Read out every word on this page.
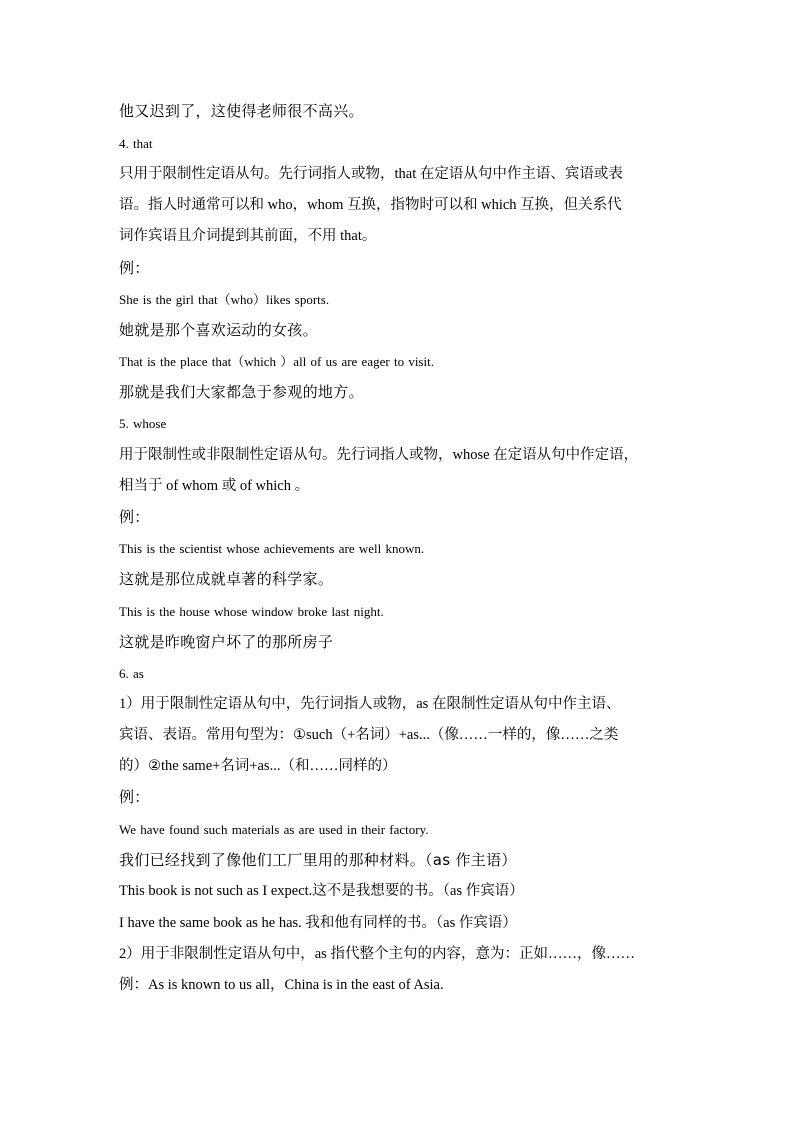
他又迟到了，这使得老师很不高兴。
4. that
只用于限制性定语从句。先行词指人或物，that 在定语从句中作主语、宾语或表
语。指人时通常可以和 who，whom 互换，指物时可以和 which 互换，但关系代
词作宾语且介词提到其前面，不用 that。
例：
She is the girl that（who）likes sports.
她就是那个喜欢运动的女孩。
That is the place that（which ）all of us are eager to visit.
那就是我们大家都急于参观的地方。
5. whose
用于限制性或非限制性定语从句。先行词指人或物，whose 在定语从句中作定语，
相当于 of whom 或 of which 。
例：
This is the scientist whose achievements are well known.
这就是那位成就卓著的科学家。
This is the house whose window broke last night.
这就是昨晚窗户坏了的那所房子
6. as
1）用于限制性定语从句中，先行词指人或物，as 在限制性定语从句中作主语、
宾语、表语。常用句型为：①such（+名词）+as...（像……一样的，像……之类
的）②the same+名词+as...（和……同样的）
例：
We have found such materials as are used in their factory.
我们已经找到了像他们工厂里用的那种材料。（as 作主语）
This book is not such as I expect.这不是我想要的书。（as 作宾语）
I have the same book as he has. 我和他有同样的书。（as 作宾语）
2）用于非限制性定语从句中，as 指代整个主句的内容，意为：正如……，像……
例：As is known to us all，China is in the east of Asia.
